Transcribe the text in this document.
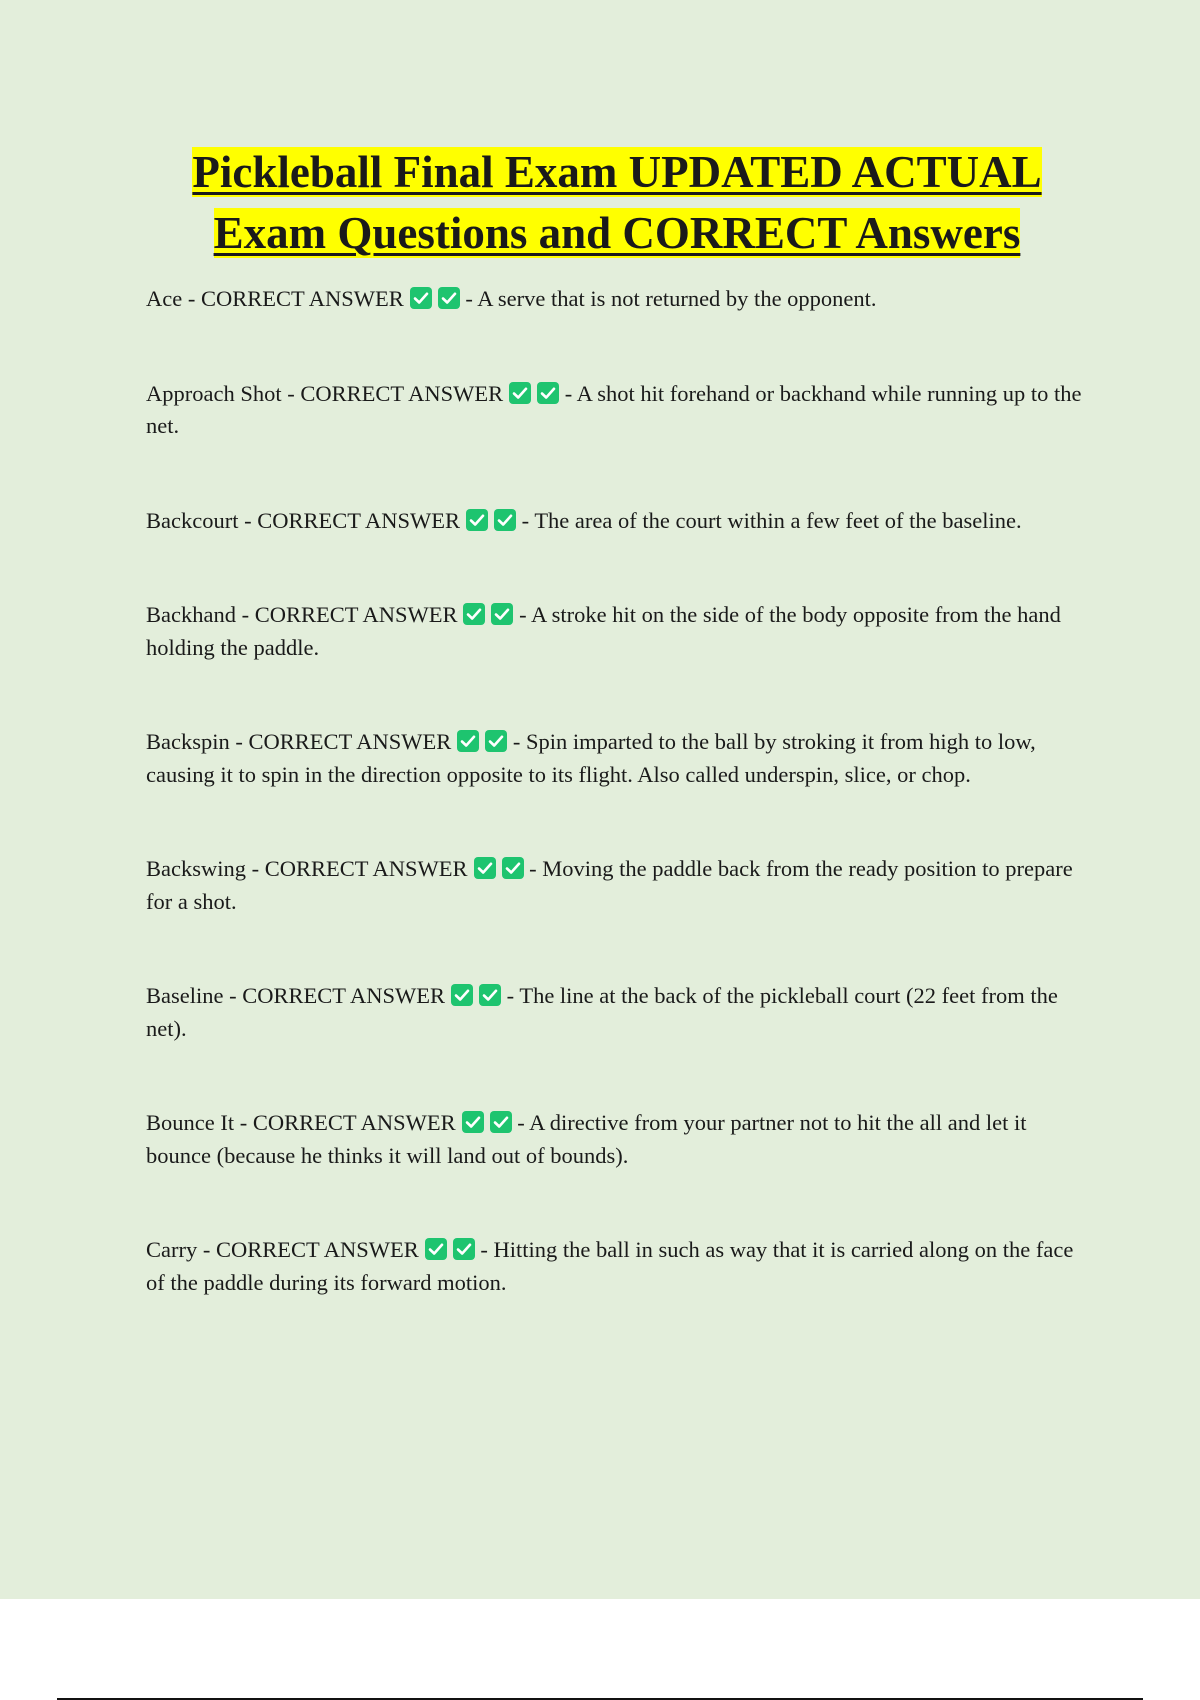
Pickleball Final Exam UPDATED ACTUAL
Exam Questions and CORRECT Answers

Ace - CORRECT ANSWER
- A serve that is not returned by the opponent.

Approach Shot - CORRECT ANSWER
- A shot hit forehand or backhand while running up to the net.

Backcourt - CORRECT ANSWER
- The area of the court within a few feet of the baseline.

Backhand - CORRECT ANSWER
- A stroke hit on the side of the body opposite from the hand holding the paddle.

Backspin - CORRECT ANSWER
- Spin imparted to the ball by stroking it from high to low, causing it to spin in the direction opposite to its flight. Also called underspin, slice, or chop.

Backswing - CORRECT ANSWER
- Moving the paddle back from the ready position to prepare for a shot.

Baseline - CORRECT ANSWER
- The line at the back of the pickleball court (22 feet from the net).

Bounce It - CORRECT ANSWER
- A directive from your partner not to hit the all and let it bounce (because he thinks it will land out of bounds).

Carry - CORRECT ANSWER
- Hitting the ball in such as way that it is carried along on the face of the paddle during its forward motion.
